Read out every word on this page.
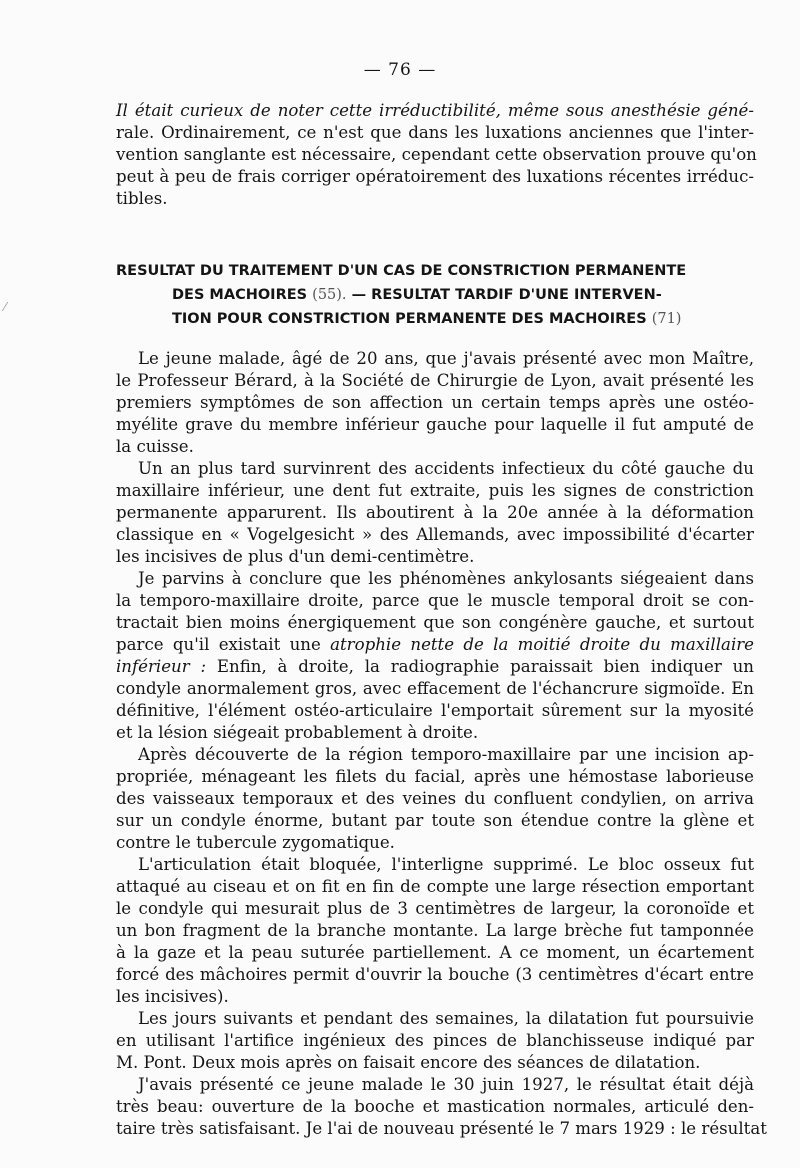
— 76 —
Il était curieux de noter cette irréductibilité, même sous anesthésie géné-
rale. Ordinairement, ce n'est que dans les luxations anciennes que l'inter-
vention sanglante est nécessaire, cependant cette observation prouve qu'on
peut à peu de frais corriger opératoirement des luxations récentes irréduc-
tibles.
RESULTAT DU TRAITEMENT D'UN CAS DE CONSTRICTION PERMANENTE
DES MACHOIRES (55). — RESULTAT TARDIF D'UNE INTERVEN-
TION POUR CONSTRICTION PERMANENTE DES MACHOIRES (71)
Le jeune malade, âgé de 20 ans, que j'avais présenté avec mon Maître,
le Professeur Bérard, à la Société de Chirurgie de Lyon, avait présenté les
premiers symptômes de son affection un certain temps après une ostéo-
myélite grave du membre inférieur gauche pour laquelle il fut amputé de
la cuisse.
Un an plus tard survinrent des accidents infectieux du côté gauche du
maxillaire inférieur, une dent fut extraite, puis les signes de constriction
permanente apparurent. Ils aboutirent à la 20e année à la déformation
classique en « Vogelgesicht » des Allemands, avec impossibilité d'écarter
les incisives de plus d'un demi-centimètre.
Je parvins à conclure que les phénomènes ankylosants siégeaient dans
la temporo-maxillaire droite, parce que le muscle temporal droit se con-
tractait bien moins énergiquement que son congénère gauche, et surtout
parce qu'il existait une atrophie nette de la moitié droite du maxillaire
inférieur : Enfin, à droite, la radiographie paraissait bien indiquer un
condyle anormalement gros, avec effacement de l'échancrure sigmoïde. En
définitive, l'élément ostéo-articulaire l'emportait sûrement sur la myosité
et la lésion siégeait probablement à droite.
Après découverte de la région temporo-maxillaire par une incision ap-
propriée, ménageant les filets du facial, après une hémostase laborieuse
des vaisseaux temporaux et des veines du confluent condylien, on arriva
sur un condyle énorme, butant par toute son étendue contre la glène et
contre le tubercule zygomatique.
L'articulation était bloquée, l'interligne supprimé. Le bloc osseux fut
attaqué au ciseau et on fit en fin de compte une large résection emportant
le condyle qui mesurait plus de 3 centimètres de largeur, la coronoïde et
un bon fragment de la branche montante. La large brèche fut tamponnée
à la gaze et la peau suturée partiellement. A ce moment, un écartement
forcé des mâchoires permit d'ouvrir la bouche (3 centimètres d'écart entre
les incisives).
Les jours suivants et pendant des semaines, la dilatation fut poursuivie
en utilisant l'artifice ingénieux des pinces de blanchisseuse indiqué par
M. Pont. Deux mois après on faisait encore des séances de dilatation.
J'avais présenté ce jeune malade le 30 juin 1927, le résultat était déjà
très beau: ouverture de la booche et mastication normales, articulé den-
taire très satisfaisant. Je l'ai de nouveau présenté le 7 mars 1929 : le résultat
⁄
